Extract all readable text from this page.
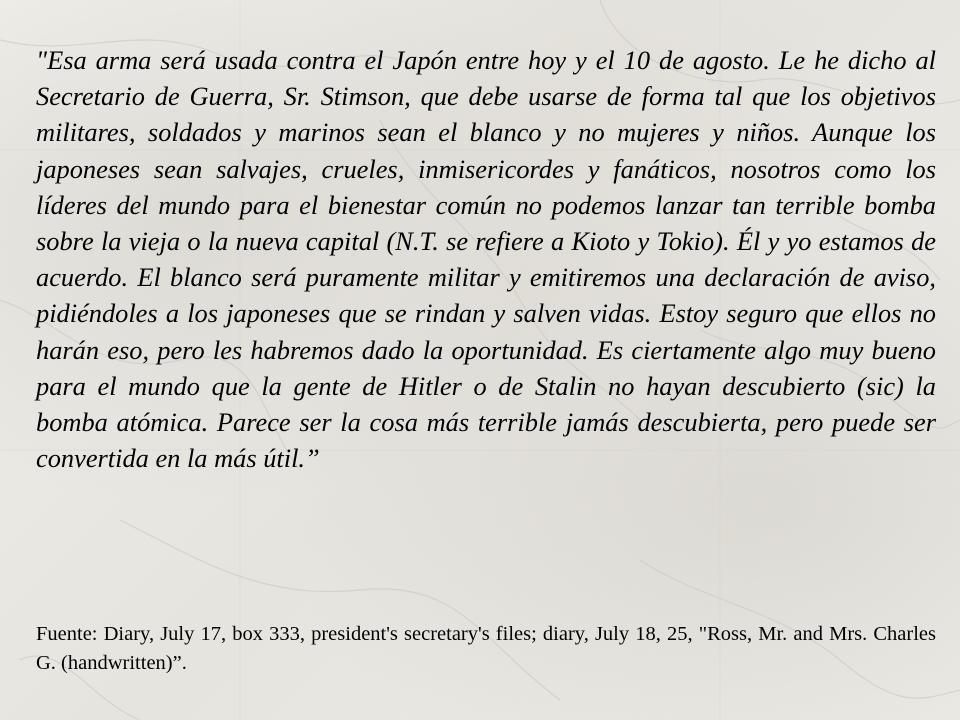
"Esa arma será usada contra el Japón entre hoy y el 10 de agosto. Le he dicho al Secretario de Guerra, Sr. Stimson, que debe usarse de forma tal que los objetivos militares, soldados y marinos sean el blanco y no mujeres y niños. Aunque los japoneses sean salvajes, crueles, inmisericordes y fanáticos, nosotros como los líderes del mundo para el bienestar común no podemos lanzar tan terrible bomba sobre la vieja o la nueva capital (N.T. se refiere a Kioto y Tokio). Él y yo estamos de acuerdo. El blanco será puramente militar y emitiremos una declaración de aviso, pidiéndoles a los japoneses que se rindan y salven vidas. Estoy seguro que ellos no harán eso, pero les habremos dado la oportunidad. Es ciertamente algo muy bueno para el mundo que la gente de Hitler o de Stalin no hayan descubierto (sic) la bomba atómica. Parece ser la cosa más terrible jamás descubierta, pero puede ser convertida en la más útil.”

Fuente: Diary, July 17, box 333, president's secretary's files; diary, July 18, 25, "Ross, Mr. and Mrs. Charles G. (handwritten)”.
